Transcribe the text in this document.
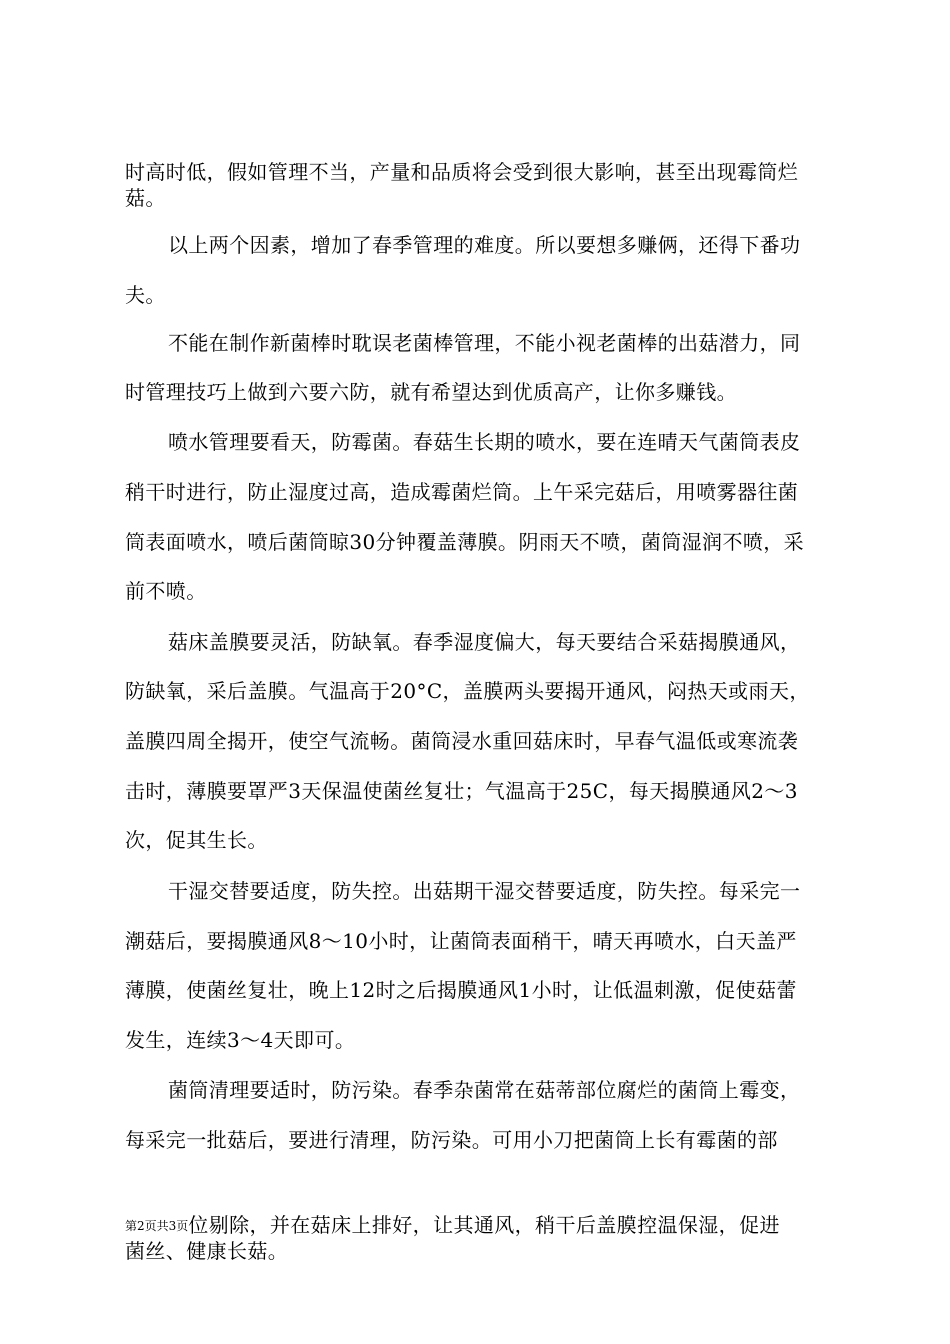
时高时低，假如管理不当，产量和品质将会受到很大影响，甚至出现霉筒烂
菇。
以上两个因素，增加了春季管理的难度。所以要想多赚俩，还得下番功
夫。
不能在制作新菌棒时耽误老菌棒管理，不能小视老菌棒的出菇潜力，同
时管理技巧上做到六要六防，就有希望达到优质高产，让你多赚钱。
喷水管理要看天，防霉菌。春菇生长期的喷水，要在连晴天气菌筒表皮
稍干时进行，防止湿度过高，造成霉菌烂筒。上午采完菇后，用喷雾器往菌
筒表面喷水，喷后菌筒晾30分钟覆盖薄膜。阴雨天不喷，菌筒湿润不喷，采
前不喷。
菇床盖膜要灵活，防缺氧。春季湿度偏大，每天要结合采菇揭膜通风，
防缺氧，采后盖膜。气温高于20°C，盖膜两头要揭开通风，闷热天或雨天，
盖膜四周全揭开，使空气流畅。菌筒浸水重回菇床时，早春气温低或寒流袭
击时，薄膜要罩严3天保温使菌丝复壮；气温高于25C，每天揭膜通风2〜3
次，促其生长。
干湿交替要适度，防失控。出菇期干湿交替要适度，防失控。每采完一
潮菇后，要揭膜通风8〜10小时，让菌筒表面稍干，晴天再喷水，白天盖严
薄膜，使菌丝复壮，晚上12时之后揭膜通风1小时，让低温刺激，促使菇蕾
发生，连续3〜4天即可。
菌筒清理要适时，防污染。春季杂菌常在菇蒂部位腐烂的菌筒上霉变，
每采完一批菇后，要进行清理，防污染。可用小刀把菌筒上长有霉菌的部
第2页共3页位剔除，并在菇床上排好，让其通风，稍干后盖膜控温保湿，促进
菌丝、健康长菇。
